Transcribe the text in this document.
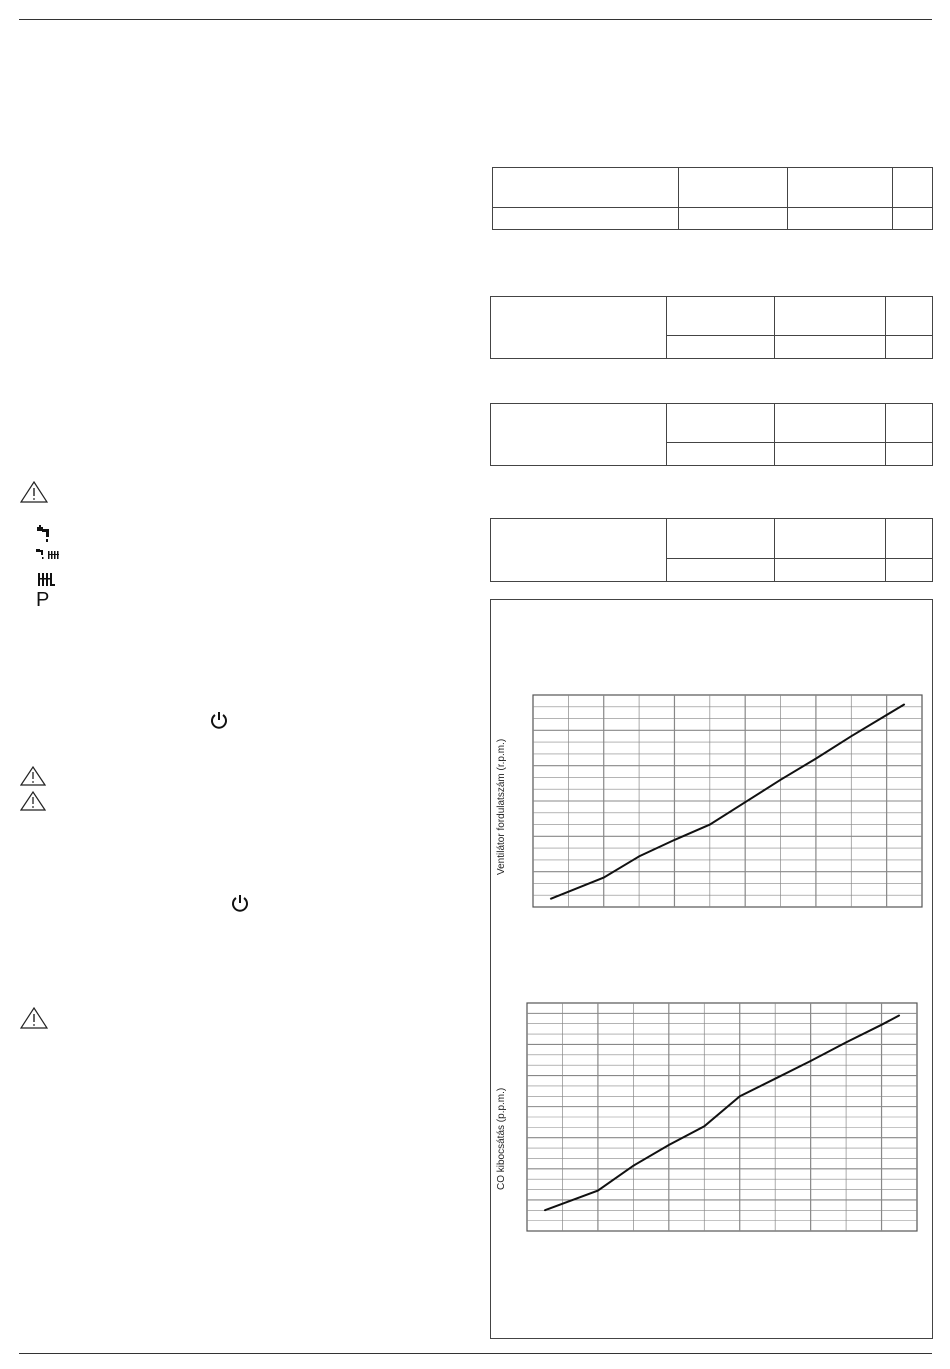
P
Ventilátor fordulatszám (r.p.m.)
CO kibocsátás (p.p.m.)
